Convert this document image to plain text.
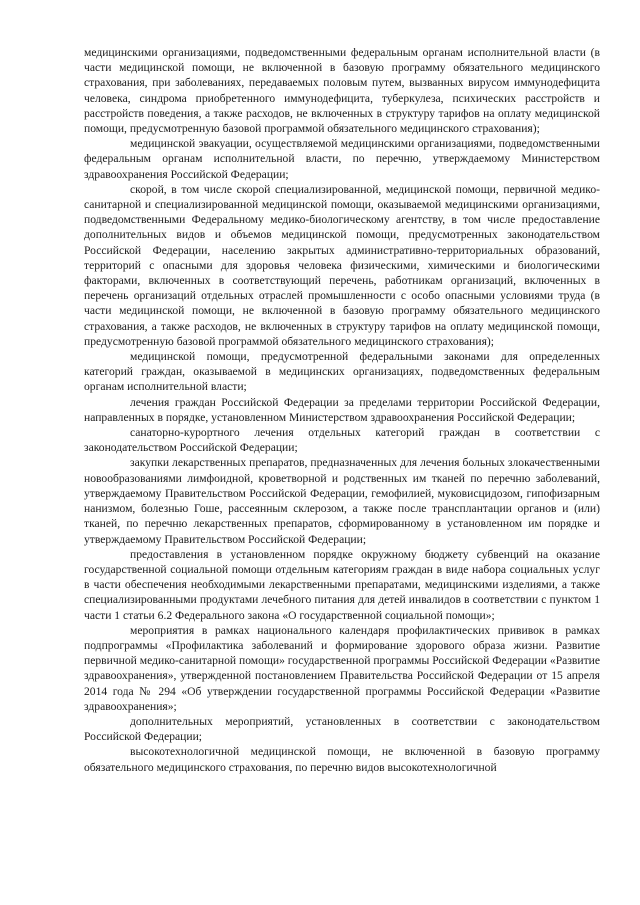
медицинскими организациями, подведомственными федеральным органам исполнительной власти (в части медицинской помощи, не включенной в базовую программу обязательного медицинского страхования, при заболеваниях, передаваемых половым путем, вызванных вирусом иммунодефицита человека, синдрома приобретенного иммунодефицита, туберкулеза, психических расстройств и расстройств поведения, а также расходов, не включенных в структуру тарифов на оплату медицинской помощи, предусмотренную базовой программой обязательного медицинского страхования);

медицинской эвакуации, осуществляемой медицинскими организациями, подведомственными федеральным органам исполнительной власти, по перечню, утверждаемому Министерством здравоохранения Российской Федерации;

скорой, в том числе скорой специализированной, медицинской помощи, первичной медико-санитарной и специализированной медицинской помощи, оказываемой медицинскими организациями, подведомственными Федеральному медико-биологическому агентству, в том числе предоставление дополнительных видов и объемов медицинской помощи, предусмотренных законодательством Российской Федерации, населению закрытых административно-территориальных образований, территорий с опасными для здоровья человека физическими, химическими и биологическими факторами, включенных в соответствующий перечень, работникам организаций, включенных в перечень организаций отдельных отраслей промышленности с особо опасными условиями труда (в части медицинской помощи, не включенной в базовую программу обязательного медицинского страхования, а также расходов, не включенных в структуру тарифов на оплату медицинской помощи, предусмотренную базовой программой обязательного медицинского страхования);

медицинской помощи, предусмотренной федеральными законами для определенных категорий граждан, оказываемой в медицинских организациях, подведомственных федеральным органам исполнительной власти;

лечения граждан Российской Федерации за пределами территории Российской Федерации, направленных в порядке, установленном Министерством здравоохранения Российской Федерации;

санаторно-курортного лечения отдельных категорий граждан в соответствии с законодательством Российской Федерации;

закупки лекарственных препаратов, предназначенных для лечения больных злокачественными новообразованиями лимфоидной, кроветворной и родственных им тканей по перечню заболеваний, утверждаемому Правительством Российской Федерации, гемофилией, муковисцидозом, гипофизарным нанизмом, болезнью Гоше, рассеянным склерозом, а также после трансплантации органов и (или) тканей, по перечню лекарственных препаратов, сформированному в установленном им порядке и утверждаемому Правительством Российской Федерации;

предоставления в установленном порядке окружному бюджету субвенций на оказание государственной социальной помощи отдельным категориям граждан в виде набора социальных услуг в части обеспечения необходимыми лекарственными препаратами, медицинскими изделиями, а также специализированными продуктами лечебного питания для детей инвалидов в соответствии с пунктом 1 части 1 статьи 6.2 Федерального закона «О государственной социальной помощи»;

мероприятия в рамках национального календаря профилактических прививок в рамках подпрограммы «Профилактика заболеваний и формирование здорового образа жизни. Развитие первичной медико-санитарной помощи» государственной программы Российской Федерации «Развитие здравоохранения», утвержденной постановлением Правительства Российской Федерации от 15 апреля 2014 года № 294 «Об утверждении государственной программы Российской Федерации «Развитие здравоохранения»;

дополнительных мероприятий, установленных в соответствии с законодательством Российской Федерации;

высокотехнологичной медицинской помощи, не включенной в базовую программу обязательного медицинского страхования, по перечню видов высокотехнологичной
